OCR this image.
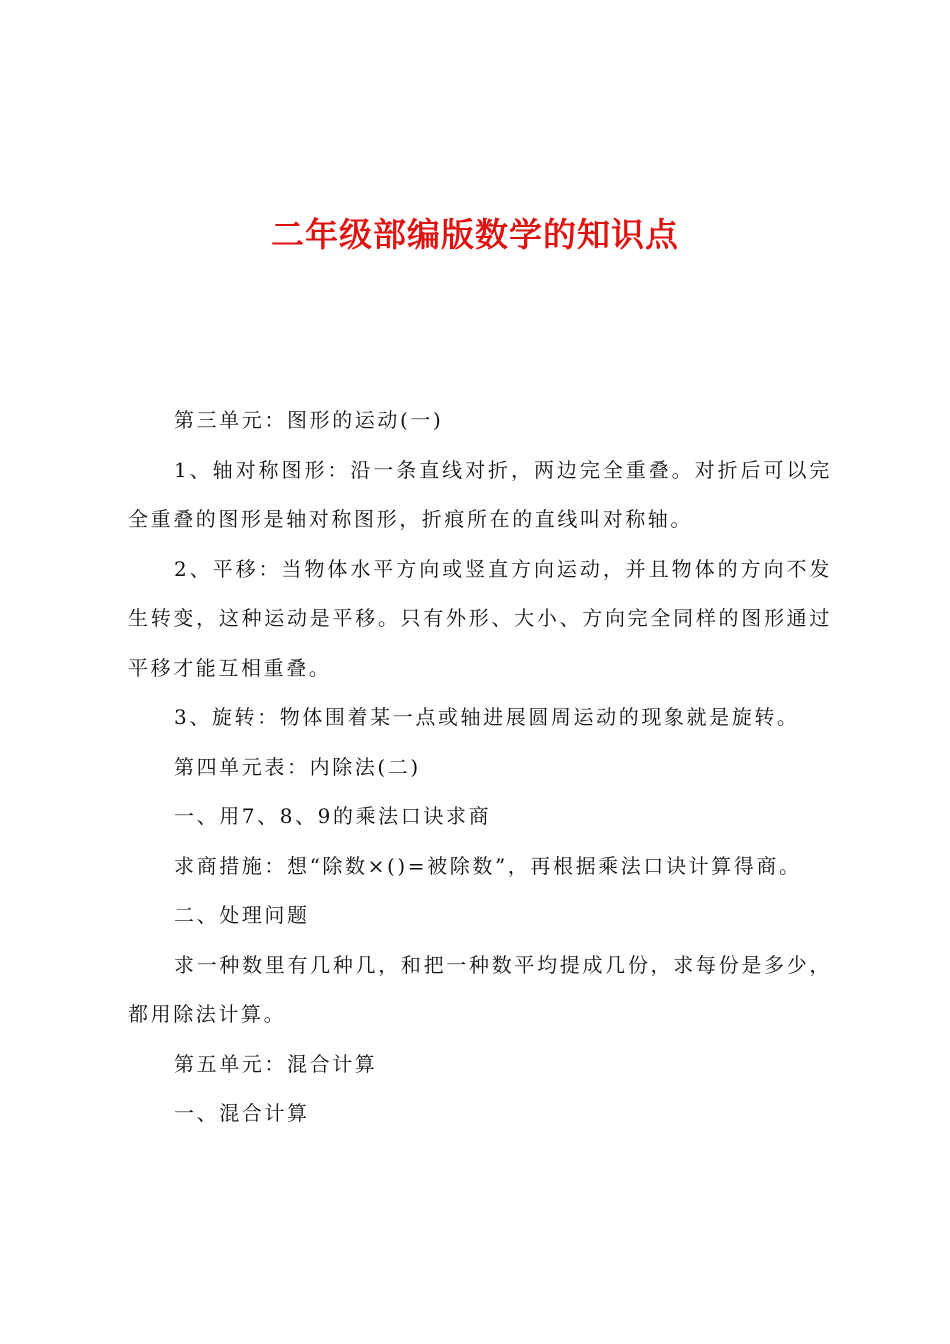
二年级部编版数学的知识点

第三单元：图形的运动(一)

1、轴对称图形：沿一条直线对折，两边完全重叠。对折后可以完全重叠的图形是轴对称图形，折痕所在的直线叫对称轴。

2、平移：当物体水平方向或竖直方向运动，并且物体的方向不发生转变，这种运动是平移。只有外形、大小、方向完全同样的图形通过平移才能互相重叠。

3、旋转：物体围着某一点或轴进展圆周运动的现象就是旋转。

第四单元表：内除法(二)

一、用7、8、9的乘法口诀求商

求商措施：想“除数×()=被除数”，再根据乘法口诀计算得商。

二、处理问题

求一种数里有几种几，和把一种数平均提成几份，求每份是多少，都用除法计算。

第五单元：混合计算

一、混合计算
